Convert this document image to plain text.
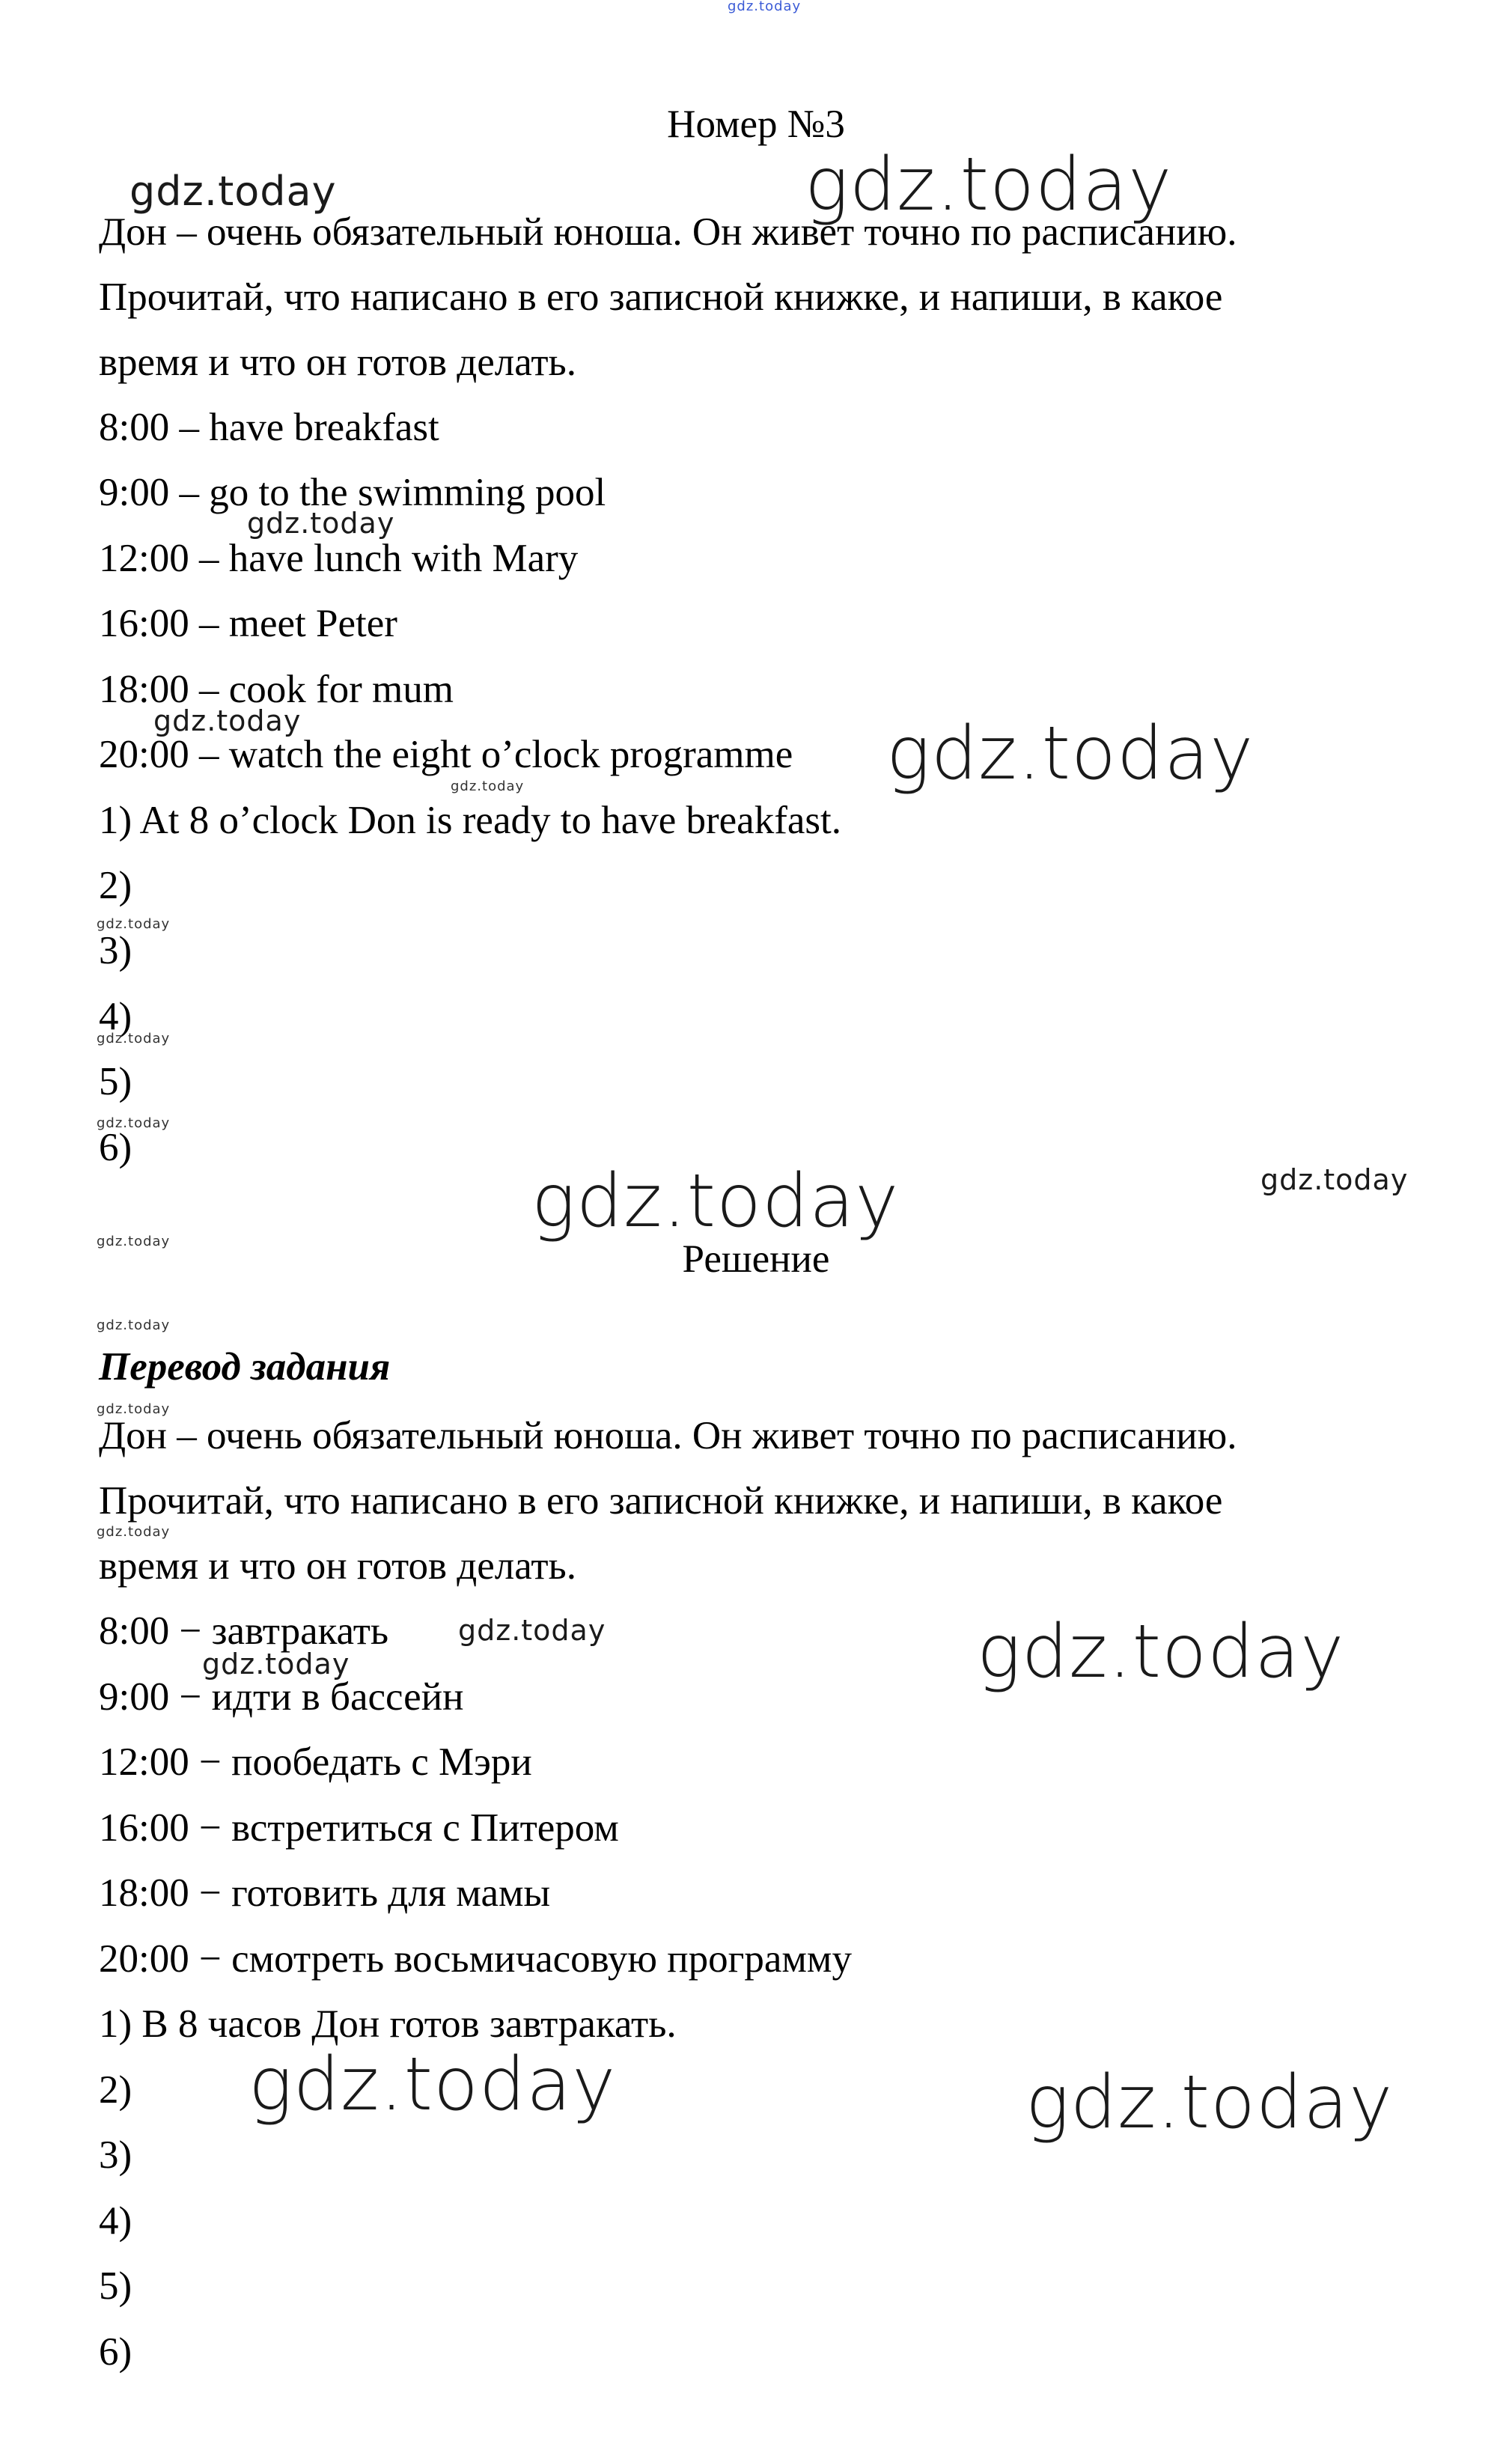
Номер №3

Дон – очень обязательный юноша. Он живет точно по расписанию.

Прочитай, что написано в его записной книжке, и напиши, в какое

время и что он готов делать.

8:00 – have breakfast

9:00 – go to the swimming pool

12:00 – have lunch with Mary

16:00 – meet Peter

18:00 – cook for mum

20:00 – watch the eight o’clock programme

1) At 8 o’clock Don is ready to have breakfast.

2)

3)

4)

5)

6)

Решение
Перевод задания

Дон – очень обязательный юноша. Он живет точно по расписанию.

Прочитай, что написано в его записной книжке, и напиши, в какое

время и что он готов делать.

8:00 − завтракать

9:00 − идти в бассейн

12:00 − пообедать с Мэри

16:00 − встретиться с Питером

18:00 − готовить для мамы

20:00 − смотреть восьмичасовую программу

1) В 8 часов Дон готов завтракать.

2)

3)

4)

5)

6)

gdz.today
gdz.today
gdz.today
gdz.today
gdz.today	gdz.today
gdz.today
gdz.today
gdz.today
gdz.today
gdz.today
gdz.today
gdz.today
gdz.today
gdz.today
gdz.today
gdz.today
gdz.today	gdz.today
gdz.today	gdz.today
